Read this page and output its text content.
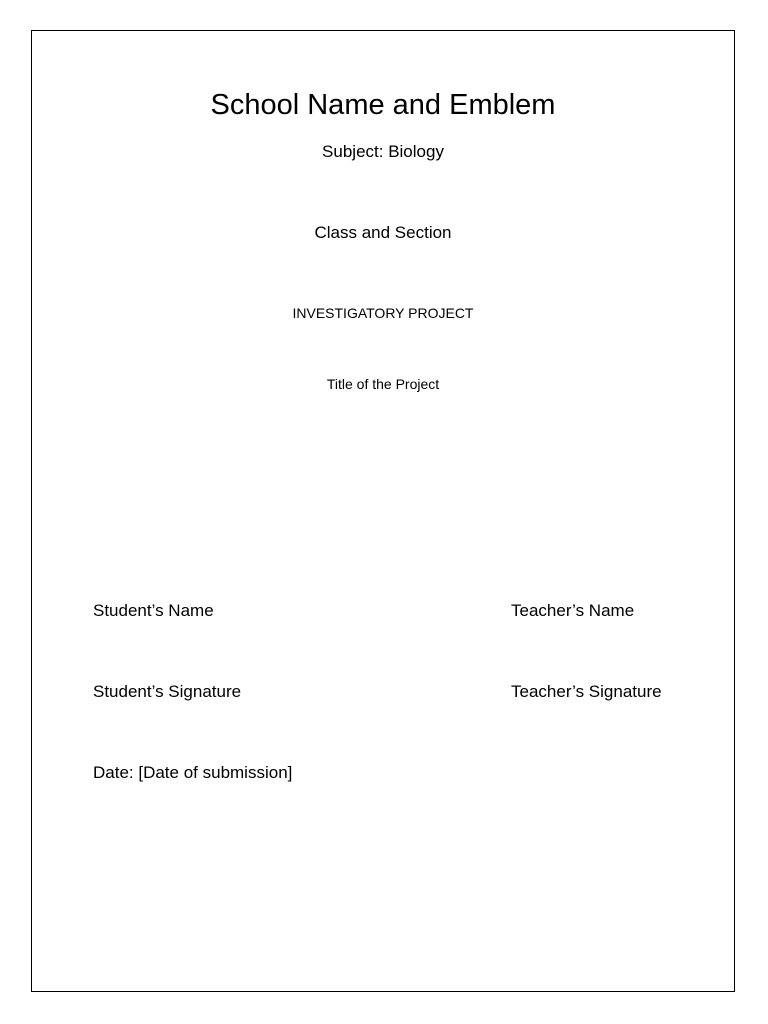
School Name and Emblem
Subject: Biology
Class and Section
INVESTIGATORY PROJECT
Title of the Project
Student’s Name	Teacher’s Name
Student’s Signature	Teacher’s Signature
Date: [Date of submission]
